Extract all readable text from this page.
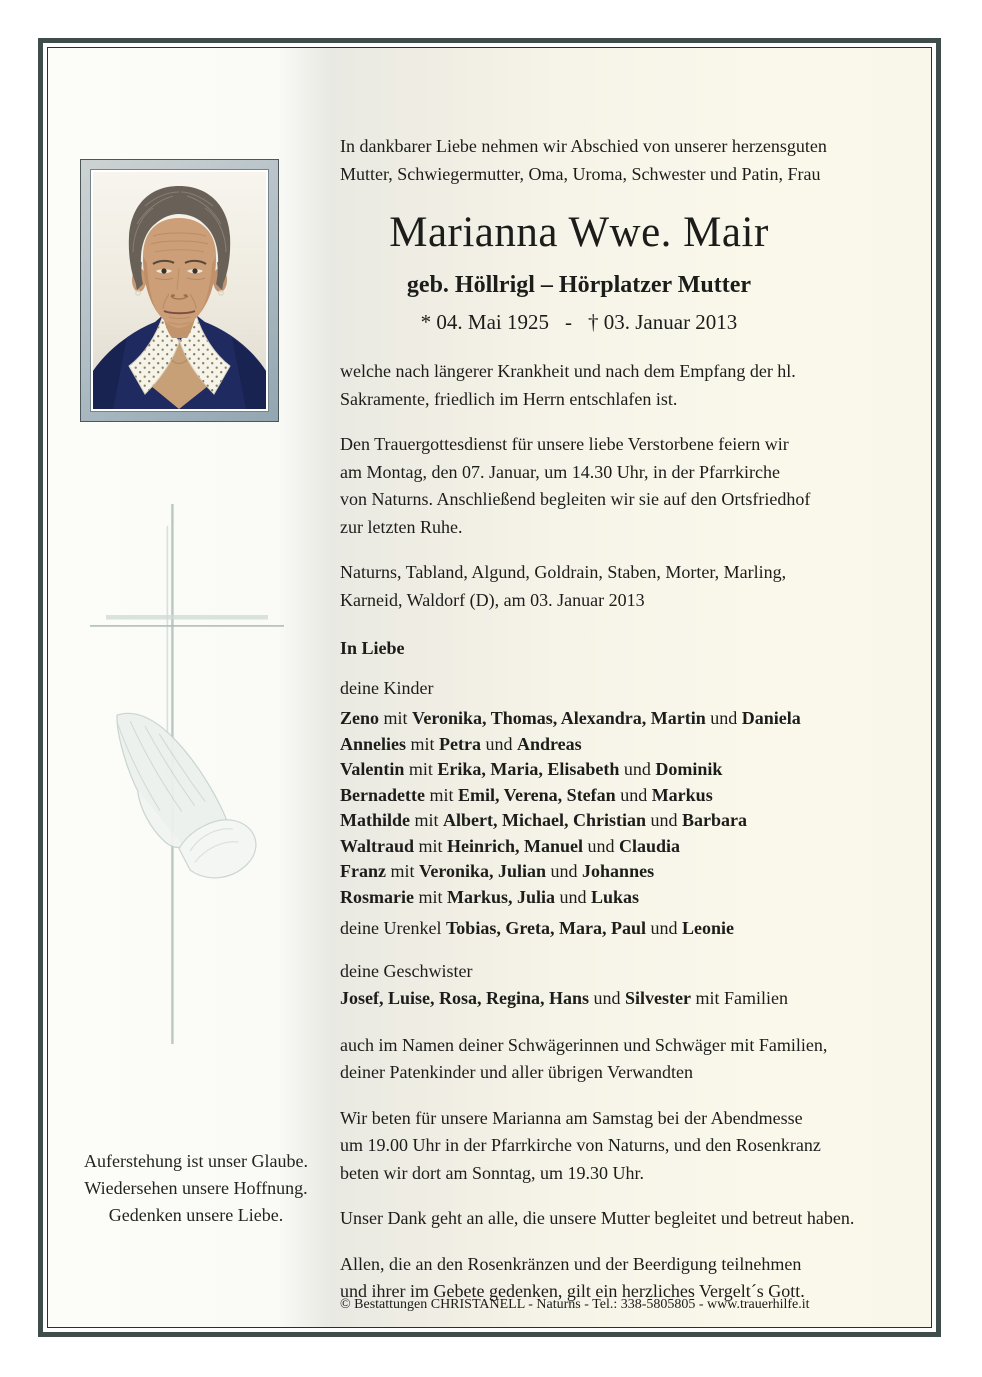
Auferstehung ist unser Glaube.
Wiedersehen unsere Hoffnung.
Gedenken unsere Liebe.

In dankbarer Liebe nehmen wir Abschied von unserer herzensguten
Mutter, Schwiegermutter, Oma, Uroma, Schwester und Patin, Frau

Marianna Wwe. Mair
geb. Höllrigl – Hörplatzer Mutter
* 04. Mai 1925 - † 03. Januar 2013

welche nach längerer Krankheit und nach dem Empfang der hl.
Sakramente, friedlich im Herrn entschlafen ist.

Den Trauergottesdienst für unsere liebe Verstorbene feiern wir
am Montag, den 07. Januar, um 14.30 Uhr, in der Pfarrkirche
von Naturns. Anschließend begleiten wir sie auf den Ortsfriedhof
zur letzten Ruhe.

Naturns, Tabland, Algund, Goldrain, Staben, Morter, Marling,
Karneid, Waldorf (D), am 03. Januar 2013

In Liebe
deine Kinder
Zeno mit Veronika, Thomas, Alexandra, Martin und Daniela
Annelies mit Petra und Andreas
Valentin mit Erika, Maria, Elisabeth und Dominik
Bernadette mit Emil, Verena, Stefan und Markus
Mathilde mit Albert, Michael, Christian und Barbara
Waltraud mit Heinrich, Manuel und Claudia
Franz mit Veronika, Julian und Johannes
Rosmarie mit Markus, Julia und Lukas
deine Urenkel Tobias, Greta, Mara, Paul und Leonie
deine Geschwister
Josef, Luise, Rosa, Regina, Hans und Silvester mit Familien

auch im Namen deiner Schwägerinnen und Schwäger mit Familien,
deiner Patenkinder und aller übrigen Verwandten

Wir beten für unsere Marianna am Samstag bei der Abendmesse
um 19.00 Uhr in der Pfarrkirche von Naturns, und den Rosenkranz
beten wir dort am Sonntag, um 19.30 Uhr.

Unser Dank geht an alle, die unsere Mutter begleitet und betreut haben.

Allen, die an den Rosenkränzen und der Beerdigung teilnehmen
und ihrer im Gebete gedenken, gilt ein herzliches Vergelt´s Gott.

© Bestattungen CHRISTANELL - Naturns - Tel.: 338-5805805 - www.trauerhilfe.it
